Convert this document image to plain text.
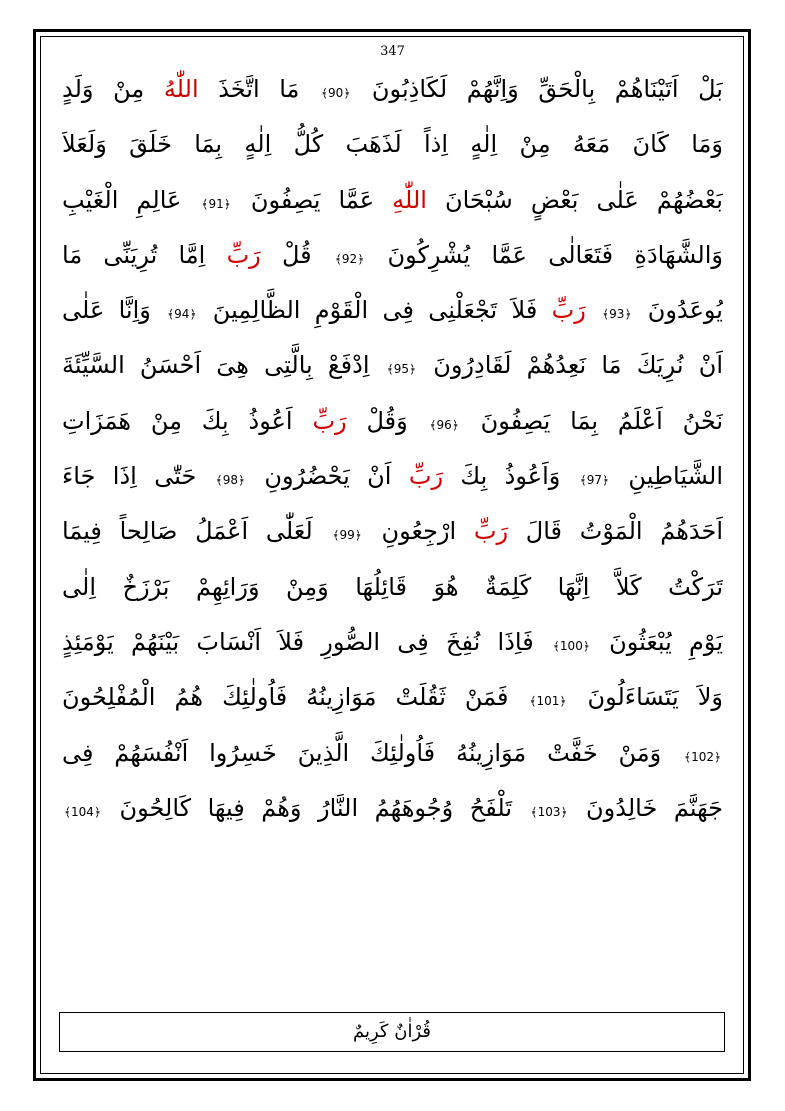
347
بَلْ اَتَيْنَاهُمْ بِالْحَقِّ وَاِنَّهُمْ لَكَاذِبُونَ ﴿90﴾ مَا اتَّخَذَ اللّٰهُ مِنْ وَلَدٍ
وَمَا كَانَ مَعَهُ مِنْ اِلٰهٍ اِذاً لَذَهَبَ كُلُّ اِلٰهٍ بِمَا خَلَقَ وَلَعَلاَ
بَعْضُهُمْ عَلٰى بَعْضٍ سُبْحَانَ اللّٰهِ عَمَّا يَصِفُونَ ﴿91﴾ عَالِمِ الْغَيْبِ
وَالشَّهَادَةِ فَتَعَالٰى عَمَّا يُشْرِكُونَ ﴿92﴾ قُلْ رَبِّ اِمَّا تُرِيَنِّى مَا
يُوعَدُونَ ﴿93﴾ رَبِّ فَلاَ تَجْعَلْنِى فِى الْقَوْمِ الظَّالِمِينَ ﴿94﴾ وَاِنَّا عَلٰى
اَنْ نُرِيَكَ مَا نَعِدُهُمْ لَقَادِرُونَ ﴿95﴾ اِدْفَعْ بِالَّتِى هِىَ اَحْسَنُ السَّيِّئَةَ
نَحْنُ اَعْلَمُ بِمَا يَصِفُونَ ﴿96﴾ وَقُلْ رَبِّ اَعُوذُ بِكَ مِنْ هَمَزَاتِ
الشَّيَاطِينِ ﴿97﴾ وَاَعُوذُ بِكَ رَبِّ اَنْ يَحْضُرُونِ ﴿98﴾ حَتّٰى اِذَا جَاءَ
اَحَدَهُمُ الْمَوْتُ قَالَ رَبِّ ارْجِعُونِ ﴿99﴾ لَعَلّٰى اَعْمَلُ صَالِحاً فِيمَا
تَرَكْتُ كَلاَّ اِنَّهَا كَلِمَةٌ هُوَ قَائِلُهَا وَمِنْ وَرَائِهِمْ بَرْزَخٌ اِلٰى
يَوْمِ يُبْعَثُونَ ﴿100﴾ فَاِذَا نُفِخَ فِى الصُّورِ فَلاَ اَنْسَابَ بَيْنَهُمْ يَوْمَئِذٍ
وَلاَ يَتَسَاءَلُونَ ﴿101﴾ فَمَنْ ثَقُلَتْ مَوَازِينُهُ فَاُولٰئِكَ هُمُ الْمُفْلِحُونَ
﴿102﴾ وَمَنْ خَفَّتْ مَوَازِينُهُ فَاُولٰئِكَ الَّذِينَ خَسِرُوا اَنْفُسَهُمْ فِى
جَهَنَّمَ خَالِدُونَ ﴿103﴾ تَلْفَحُ وُجُوهَهُمُ النَّارُ وَهُمْ فِيهَا كَالِحُونَ ﴿104﴾
قُرْاٰنٌ كَرِيمٌ
